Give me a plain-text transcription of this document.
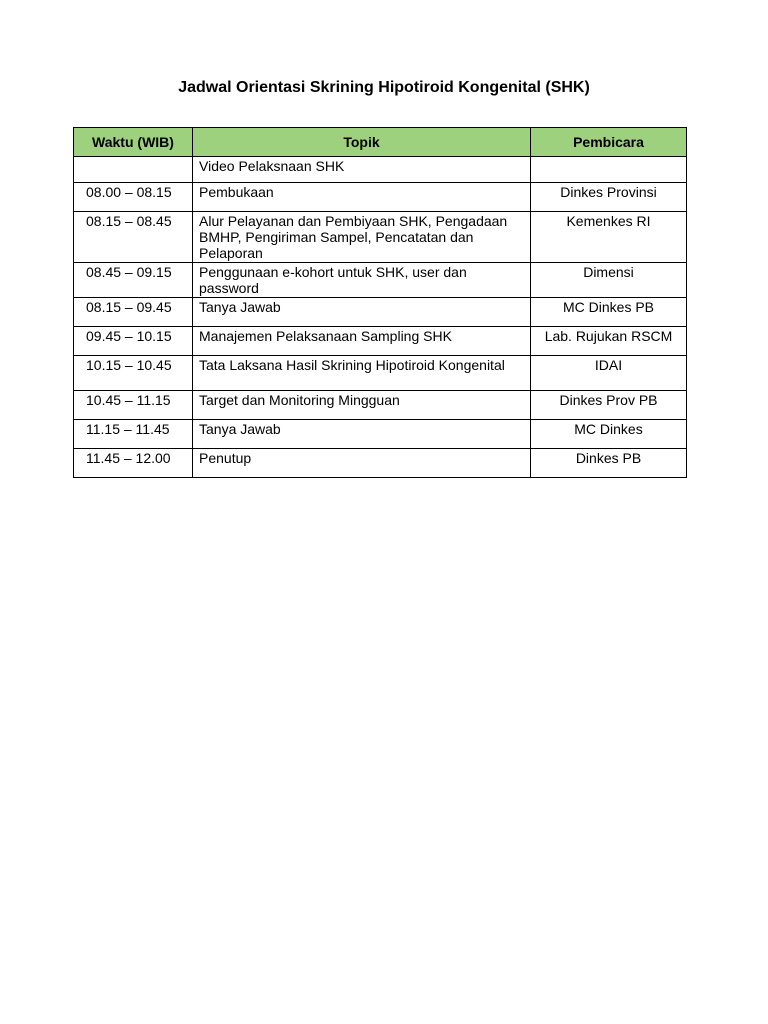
Jadwal Orientasi Skrining Hipotiroid Kongenital (SHK)
Waktu (WIB)	Topik	Pembicara
	Video Pelaksnaan SHK	
08.00 – 08.15	Pembukaan	Dinkes Provinsi
08.15 – 08.45	Alur Pelayanan dan Pembiyaan SHK, Pengadaan BMHP, Pengiriman Sampel, Pencatatan dan Pelaporan	Kemenkes RI
08.45 – 09.15	Penggunaan e-kohort untuk SHK, user dan password	Dimensi
08.15 – 09.45	Tanya Jawab	MC Dinkes PB
09.45 – 10.15	Manajemen Pelaksanaan Sampling SHK	Lab. Rujukan RSCM
10.15 – 10.45	Tata Laksana Hasil Skrining Hipotiroid Kongenital	IDAI
10.45 – 11.15	Target dan Monitoring Mingguan	Dinkes Prov PB
11.15 – 11.45	Tanya Jawab	MC Dinkes
11.45 – 12.00	Penutup	Dinkes PB
